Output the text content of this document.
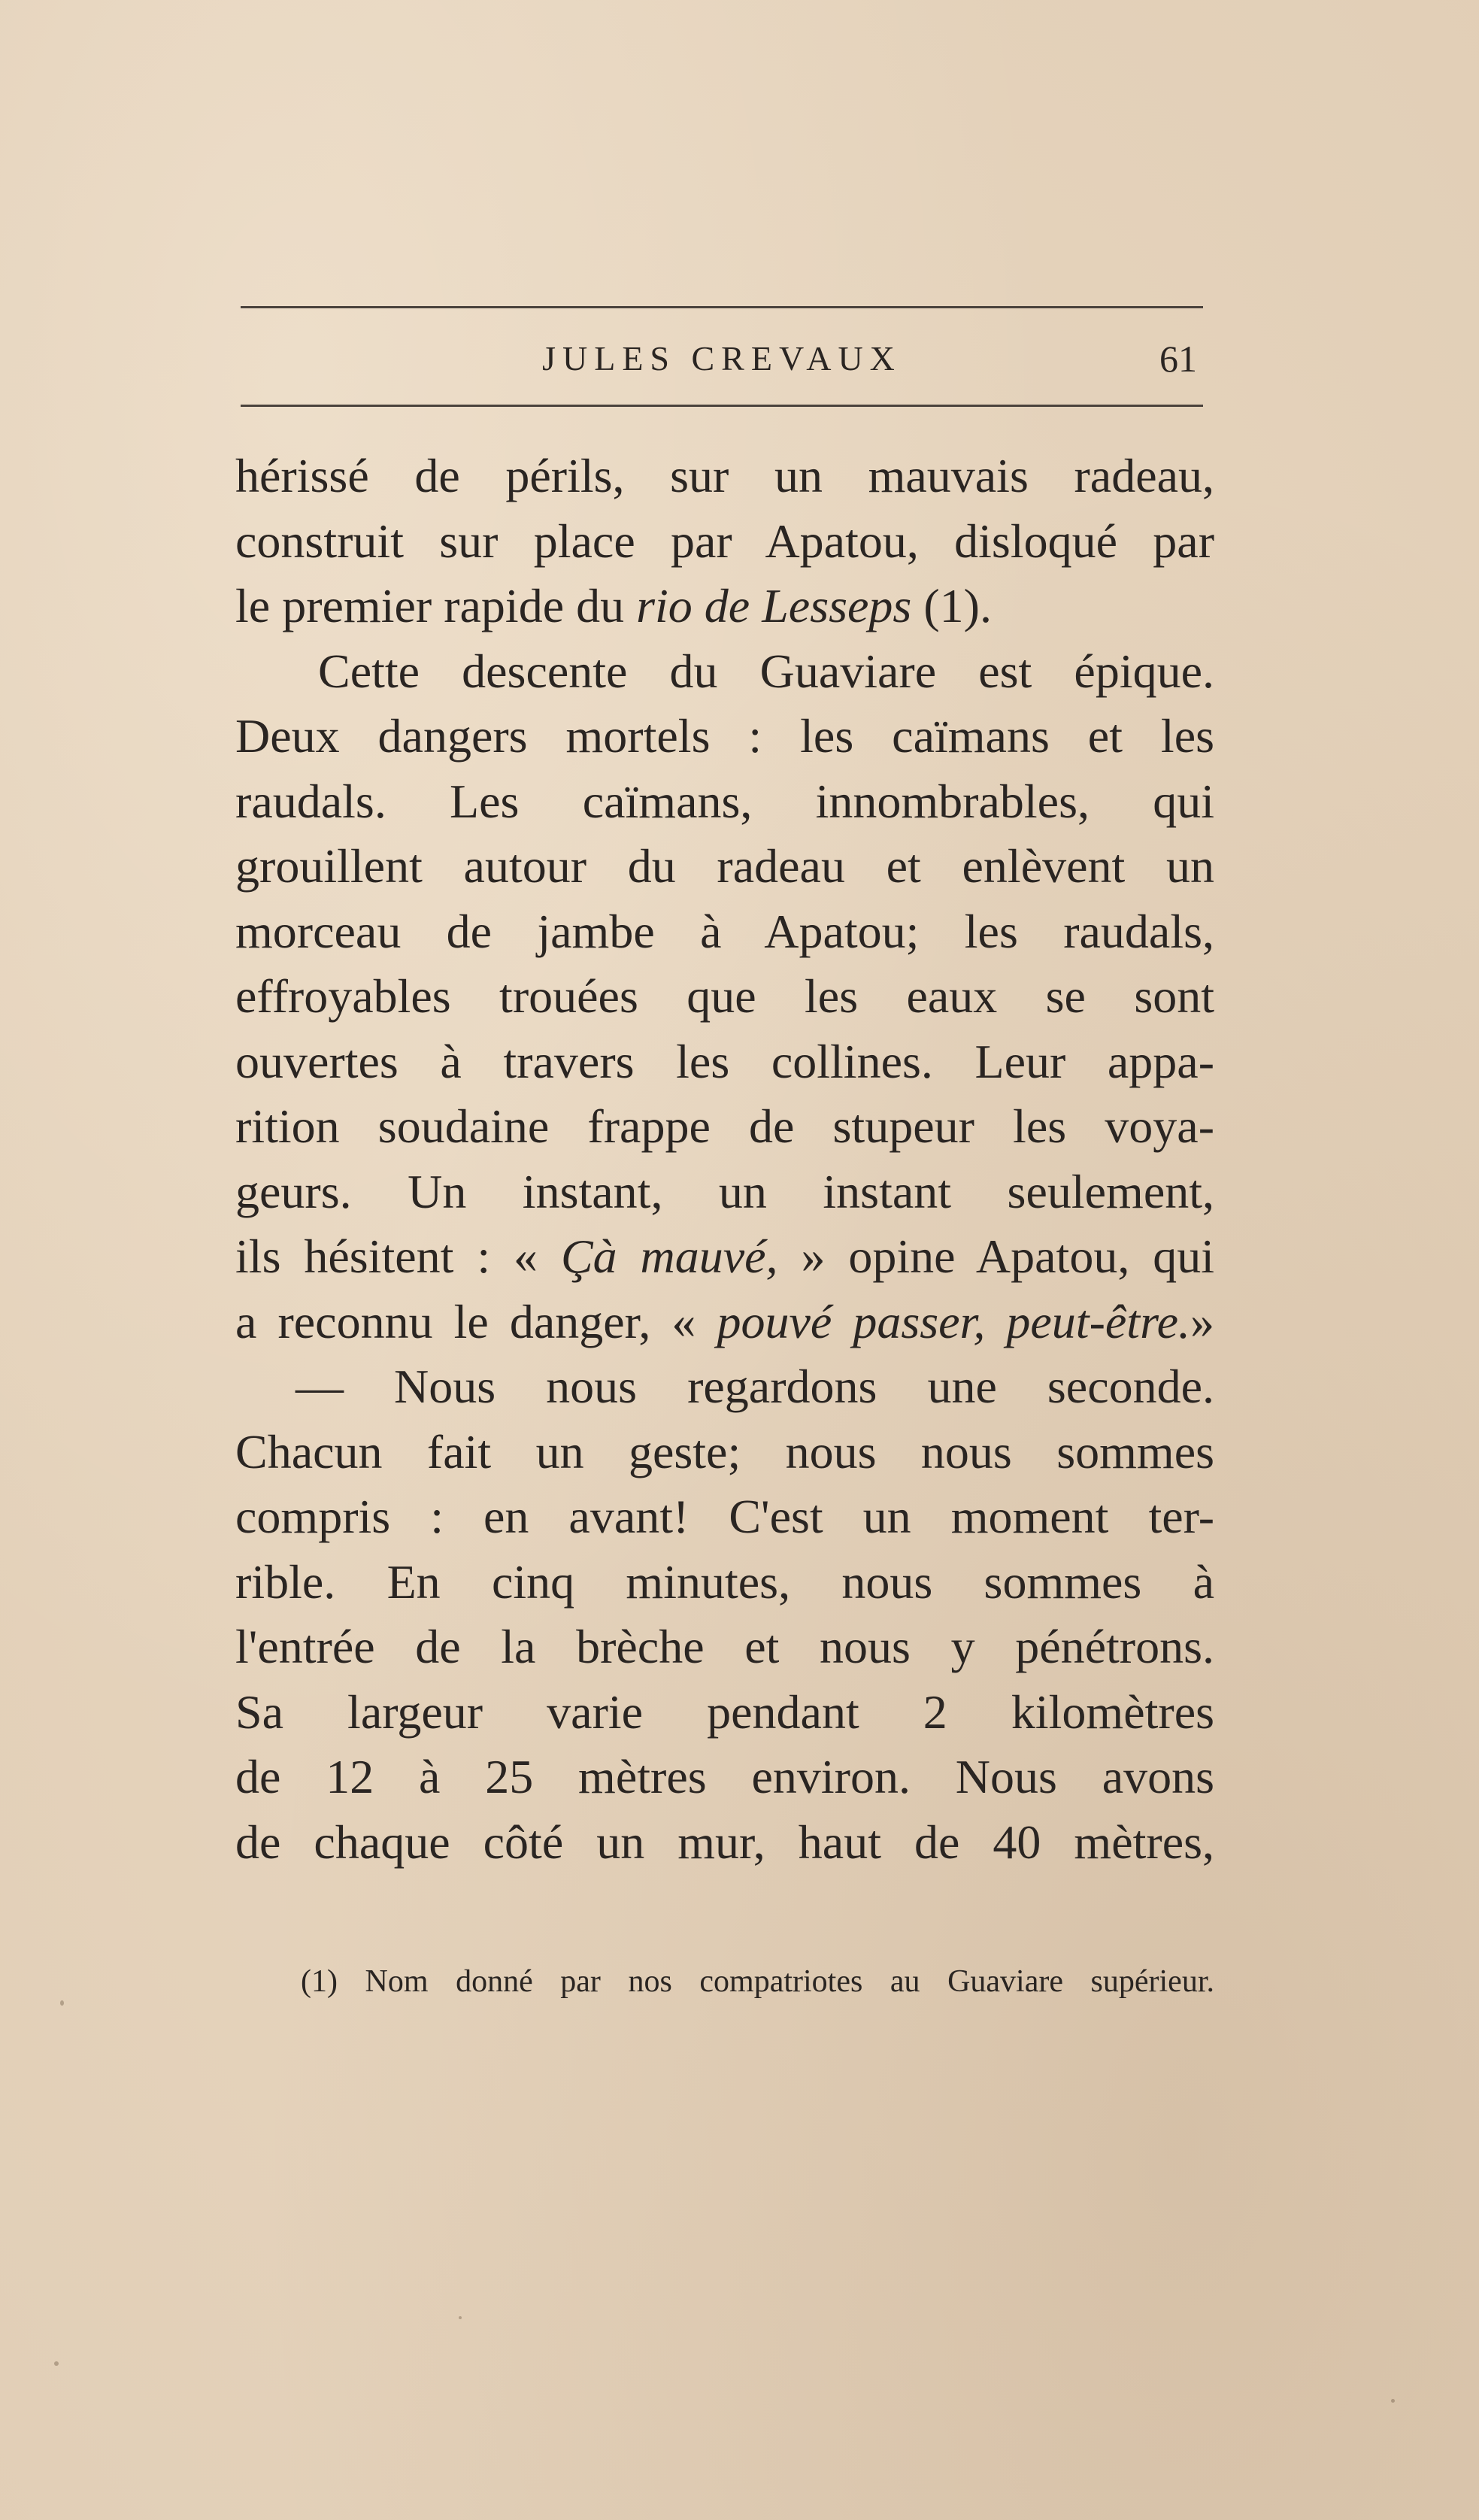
JULES CREVAUX	61
hérissé de périls, sur un mauvais radeau,
construit sur place par Apatou, disloqué par
le premier rapide du rio de Lesseps (1).
Cette descente du Guaviare est épique.
Deux dangers mortels : les caïmans et les
raudals. Les caïmans, innombrables, qui
grouillent autour du radeau et enlèvent un
morceau de jambe à Apatou; les raudals,
effroyables trouées que les eaux se sont
ouvertes à travers les collines. Leur appa-
rition soudaine frappe de stupeur les voya-
geurs. Un instant, un instant seulement,
ils hésitent : « Çà mauvé, » opine Apatou, qui
a reconnu le danger, « pouvé passer, peut-être.»
— Nous nous regardons une seconde.
Chacun fait un geste; nous nous sommes
compris : en avant! C'est un moment ter-
rible. En cinq minutes, nous sommes à
l'entrée de la brèche et nous y pénétrons.
Sa largeur varie pendant 2 kilomètres
de 12 à 25 mètres environ. Nous avons
de chaque côté un mur, haut de 40 mètres,
(1) Nom donné par nos compatriotes au Guaviare supérieur.
